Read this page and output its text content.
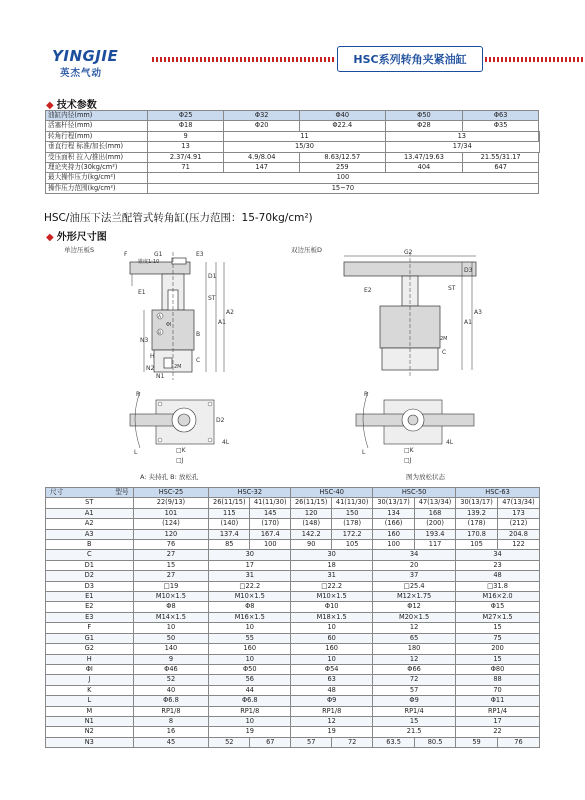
YINGJIE
英杰气动
HSC系列转角夹紧油缸
◆ 技术参数
油缸内径(mm)	Φ25	Φ32	Φ40	Φ50	Φ63	
活塞杆径(mm)	Φ18	Φ20	Φ22.4	Φ28	Φ35	
转角行程(mm)	9	11		13		
垂直行程 标准/加长(mm)	13	15/30		17/34		
受压面积 拉入/推出(mm)	2.37/4.91	4.9/8.04	8.63/12.57	13.47/19.63	21.55/31.17	
理论夹持力(30kg/cm²)	71	147	259	404	647	
最大操作压力(kg/cm²)	100					
操作压力范围(kg/cm²)	15~70					
HSC/油压下法兰配管式转角缸(压力范围：15-70kg/cm²)
◆ 外形尺寸图
单边压板S	双边压板D
F	G1	E3
锥度1:10
D1
E1
ST
A1
A2
A
B
ΦI
N3
C
B
H
N2
N1
2M
R
L
D2
4L
□K
□J
A: 夹持孔 B: 放松孔
G2
D3
E2	ST
A1
A3
2M
C
R
L
4L
□K
□J
图为放松状态
尺寸 型号	HSC-25	HSC-32		HSC-40		HSC-50		HSC-63	
ST	22(9/13)	26(11/15)	41(11/30)	26(11/15)	41(11/30)	30(13/17)	47(13/34)	30(13/17)	47(13/34)
A1	101	115	145	120	150	134	168	139.2	173
A2	(124)	(140)	(170)	(148)	(178)	(166)	(200)	(178)	(212)
A3	120	137.4	167.4	142.2	172.2	160	193.4	170.8	204.8
B	76	85	100	90	105	100	117	105	122
C	27	30		30		34		34	
D1	15	17		18		20		23	
D2	27	31		31		37		48	
D3	□19	□22.2		□22.2		□25.4		□31.8	
E1	M10×1.5	M10×1.5		M10×1.5		M12×1.75		M16×2.0	
E2	Φ8	Φ8		Φ10		Φ12		Φ15	
E3	M14×1.5	M16×1.5		M18×1.5		M20×1.5		M27×1.5	
F	10	10		10		12		15	
G1	50	55		60		65		75	
G2	140	160		160		180		200	
H	9	10		10		12		15	
ΦI	Φ46	Φ50		Φ54		Φ66		Φ80	
J	52	56		63		72		88	
K	40	44		48		57		70	
L	Φ6.8	Φ6.8		Φ9		Φ9		Φ11	
M	RP1/8	RP1/8		RP1/8		RP1/4		RP1/4	
N1	8	10		12		15		17	
N2	16	19		19		21.5		22	
N3	45	52	67	57	72	63.5	80.5	59	76
